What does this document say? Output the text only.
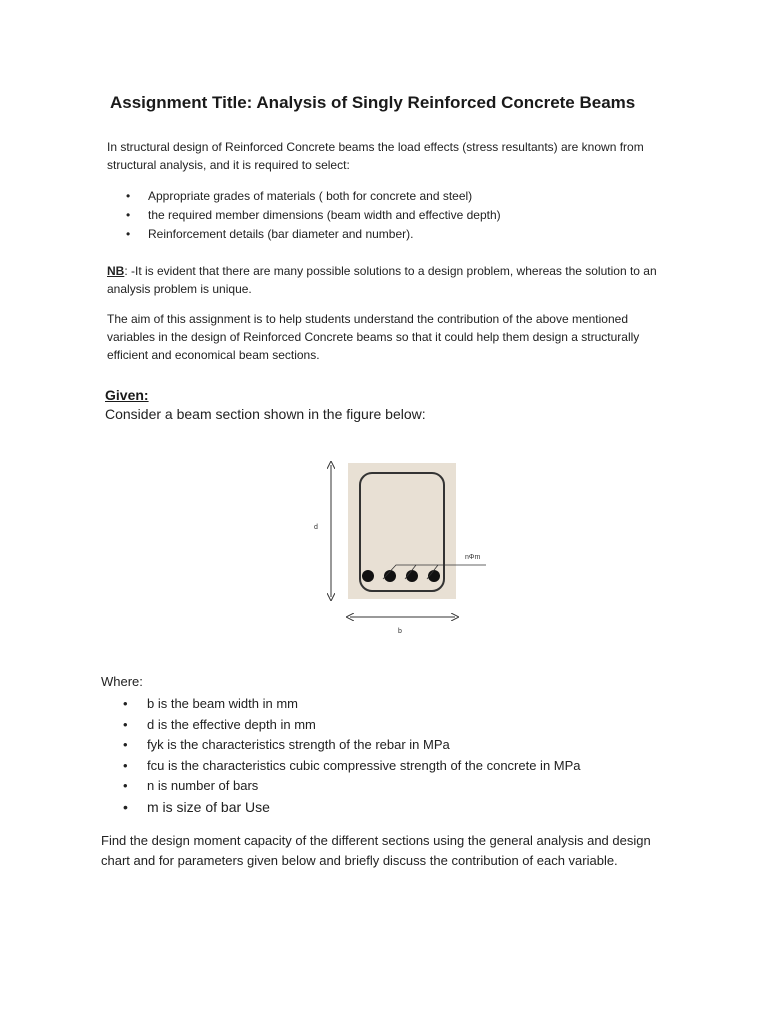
Assignment Title: Analysis of Singly Reinforced Concrete Beams

In structural design of Reinforced Concrete beams the load effects (stress resultants) are known from structural analysis, and it is required to select:

• Appropriate grades of materials ( both for concrete and steel)
• the required member dimensions (beam width and effective depth)
• Reinforcement details (bar diameter and number).

NB: -It is evident that there are many possible solutions to a design problem, whereas the solution to an analysis problem is unique.

The aim of this assignment is to help students understand the contribution of the above mentioned variables in the design of Reinforced Concrete beams so that it could help them design a structurally efficient and economical beam sections.

Given:

Consider a beam section shown in the figure below:

d
b
nΦm

Where:

• b is the beam width in mm
• d is the effective depth in mm
• fyk is the characteristics strength of the rebar in MPa
• fcu is the characteristics cubic compressive strength of the concrete in MPa
• n is number of bars
• m is size of bar Use

Find the design moment capacity of the different sections using the general analysis and design chart and for parameters given below and briefly discuss the contribution of each variable.
